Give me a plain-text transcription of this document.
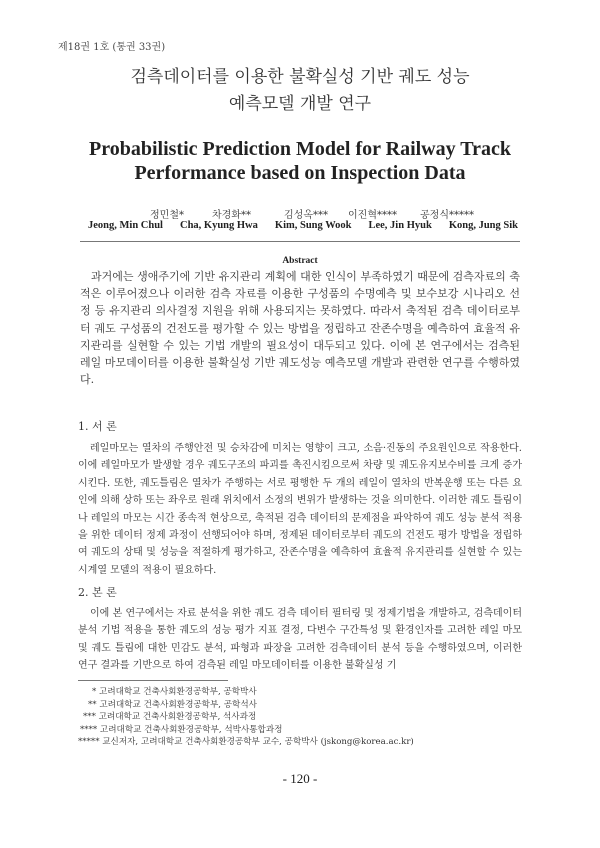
제18권 1호 (통권 33권)
검측데이터를 이용한 불확실성 기반 궤도 성능
예측모델 개발 연구
Probabilistic Prediction Model for Railway Track
Performance based on Inspection Data
정민철*	차경화**	김성옥*** 이진혁**** 공정식*****
Jeong, Min Chul Cha, Kyung Hwa Kim, Sung Wook Lee, Jin Hyuk Kong, Jung Sik
Abstract
과거에는 생애주기에 기반 유지관리 계획에 대한 인식이 부족하였기 때문에 검측자료의 축적은 이루어졌으나 이러한 검측 자료를 이용한 구성품의 수명예측 및 보수보강 시나리오 선정 등 유지관리 의사결정 지원을 위해 사용되지는 못하였다. 따라서 축적된 검측 데이터로부터 궤도 구성품의 건전도를 평가할 수 있는 방법을 정립하고 잔존수명을 예측하여 효율적 유지관리를 실현할 수 있는 기법 개발의 필요성이 대두되고 있다. 이에 본 연구에서는 검측된 레일 마모데이터를 이용한 불확실성 기반 궤도성능 예측모델 개발과 관련한 연구를 수행하였다.
1. 서 론

레일마모는 열차의 주행안전 및 승차감에 미치는 영향이 크고, 소음·진동의 주요원인으로 작용한다. 이에 레일마모가 발생할 경우 궤도구조의 파괴를 촉진시킴으로써 차량 및 궤도유지보수비를 크게 증가시킨다. 또한, 궤도틀림은 열차가 주행하는 서로 평행한 두 개의 레일이 열차의 반복운행 또는 다른 요인에 의해 상하 또는 좌우로 원래 위치에서 소정의 변위가 발생하는 것을 의미한다. 이러한 궤도 틀림이나 레일의 마모는 시간 종속적 현상으로, 축적된 검측 데이터의 문제점을 파악하여 궤도 성능 분석 적용을 위한 데이터 정제 과정이 선행되어야 하며, 정제된 데이터로부터 궤도의 건전도 평가 방법을 정립하여 궤도의 상태 및 성능을 적절하게 평가하고, 잔존수명을 예측하여 효율적 유지관리를 실현할 수 있는 시계열 모델의 적용이 필요하다.

2. 본 론

이에 본 연구에서는 자료 분석을 위한 궤도 검측 데이터 필터링 및 정제기법을 개발하고, 검측데이터 분석 기법 적용을 통한 궤도의 성능 평가 지표 결정, 다변수 구간특성 및 환경인자를 고려한 레일 마모 및 궤도 틀림에 대한 민감도 분석, 파형과 파장을 고려한 검측데이터 분석 등을 수행하였으며, 이러한 연구 결과를 기반으로 하여 검측된 레일 마모데이터를 이용한 불확실성 기

* 고려대학교 건축사회환경공학부, 공학박사
** 고려대학교 건축사회환경공학부, 공학석사
*** 고려대학교 건축사회환경공학부, 석사과정
**** 고려대학교 건축사회환경공학부, 석박사통합과정
***** 교신저자, 고려대학교 건축사회환경공학부 교수, 공학박사 (jskong@korea.ac.kr)
- 120 -
